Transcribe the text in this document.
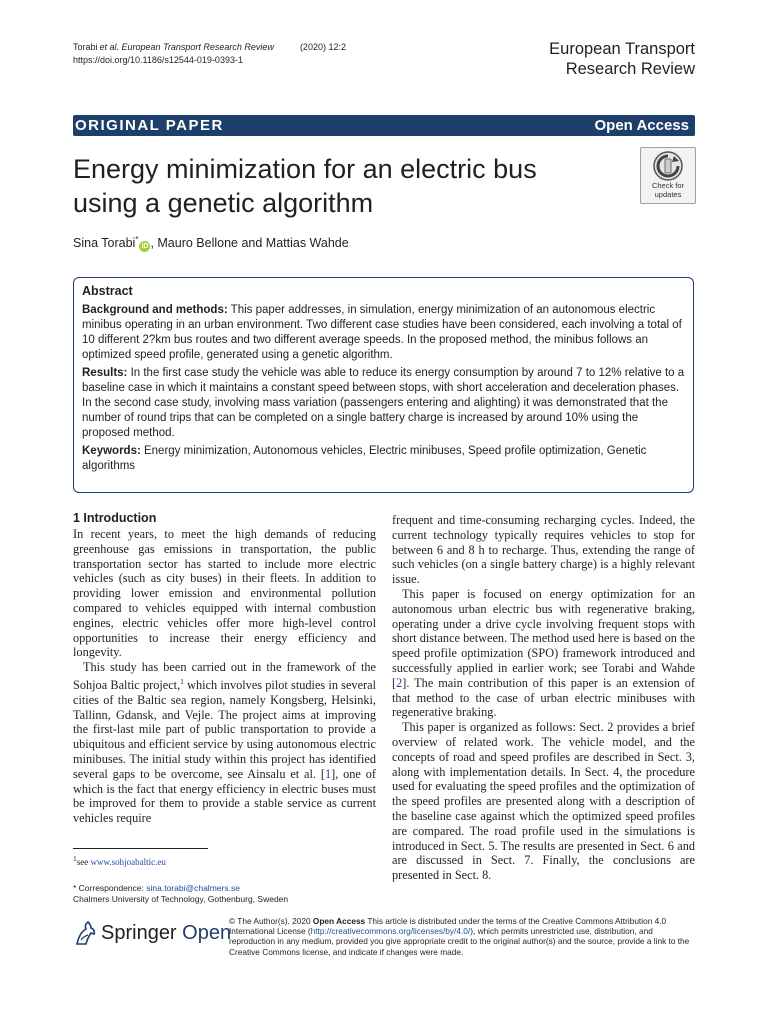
Torabi et al. European Transport Research Review	(2020) 12:2
https://doi.org/10.1186/s12544-019-0393-1
European Transport
Research Review
ORIGINAL PAPER	Open Access
Energy minimization for an electric bus
using a genetic algorithm
Check for
updates
Sina Torabi*iD , Mauro Bellone and Mattias Wahde
Abstract

Background and methods: This paper addresses, in simulation, energy minimization of an autonomous electric minibus operating in an urban environment. Two different case studies have been considered, each involving a total of 10 different 2?km bus routes and two different average speeds. In the proposed method, the minibus follows an optimized speed profile, generated using a genetic algorithm.

Results: In the first case study the vehicle was able to reduce its energy consumption by around 7 to 12% relative to a baseline case in which it maintains a constant speed between stops, with short acceleration and deceleration phases. In the second case study, involving mass variation (passengers entering and alighting) it was demonstrated that the number of round trips that can be completed on a single battery charge is increased by around 10% using the proposed method.

Keywords: Energy minimization, Autonomous vehicles, Electric minibuses, Speed profile optimization, Genetic algorithms

1 Introduction

In recent years, to meet the high demands of reducing greenhouse gas emissions in transportation, the public transportation sector has started to include more electric vehicles (such as city buses) in their fleets. In addition to providing lower emission and environmental pollution compared to vehicles equipped with internal combustion engines, electric vehicles offer more high-level control opportunities to increase their energy efficiency and longevity.

This study has been carried out in the framework of the Sohjoa Baltic project,$^1$ which involves pilot studies in several cities of the Baltic sea region, namely Kongsberg, Helsinki, Tallinn, Gdansk, and Vejle. The project aims at improving the first-last mile part of public transportation to provide a ubiquitous and efficient service by using autonomous electric minibuses. The initial study within this project has identified several gaps to be overcome, see Ainsalu et al. [1], one of which is the fact that energy efficiency in electric buses must be improved for them to provide a stable service as current vehicles require

frequent and time-consuming recharging cycles. Indeed, the current technology typically requires vehicles to stop for between 6 and 8 h to recharge. Thus, extending the range of such vehicles (on a single battery charge) is a highly relevant issue.

This paper is focused on energy optimization for an autonomous urban electric bus with regenerative braking, operating under a drive cycle involving frequent stops with short distance between. The method used here is based on the speed profile optimization (SPO) framework introduced and successfully applied in earlier work; see Torabi and Wahde [2]. The main contribution of this paper is an extension of that method to the case of urban electric minibuses with regenerative braking.

This paper is organized as follows: Sect. 2 provides a brief overview of related work. The vehicle model, and the concepts of road and speed profiles are described in Sect. 3, along with implementation details. In Sect. 4, the procedure used for evaluating the speed profiles and the optimization of the speed profiles are presented along with a description of the baseline case against which the optimized speed profiles are compared. The road profile used in the simulations is introduced in Sect. 5. The results are presented in Sect. 6 and are discussed in Sect. 7. Finally, the conclusions are presented in Sect. 8.

$^1$see www.sohjoabaltic.eu
* Correspondence: sina.torabi@chalmers.se
Chalmers University of Technology, Gothenburg, Sweden
Springer Open
© The Author(s). 2020 Open Access This article is distributed under the terms of the Creative Commons Attribution 4.0 International License (http://creativecommons.org/licenses/by/4.0/), which permits unrestricted use, distribution, and reproduction in any medium, provided you give appropriate credit to the original author(s) and the source, provide a link to the Creative Commons license, and indicate if changes were made.
